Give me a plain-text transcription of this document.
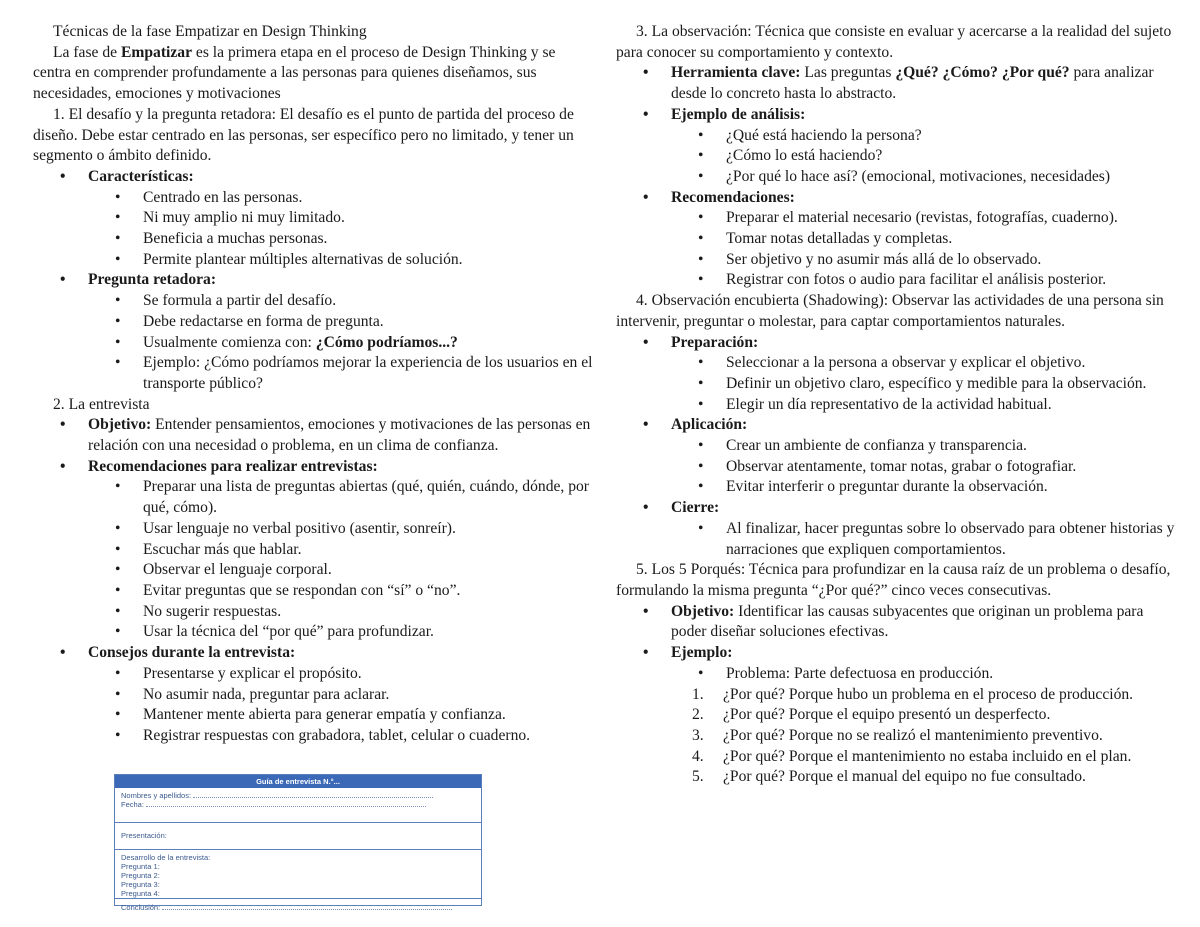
Técnicas de la fase Empatizar en Design Thinking

La fase de Empatizar es la primera etapa en el proceso de Design Thinking y se centra en comprender profundamente a las personas para quienes diseñamos, sus necesidades, emociones y motivaciones

1. El desafío y la pregunta retadora: El desafío es el punto de partida del proceso de diseño. Debe estar centrado en las personas, ser específico pero no limitado, y tener un segmento o ámbito definido.

• Características:
• Centrado en las personas.
• Ni muy amplio ni muy limitado.
• Beneficia a muchas personas.
• Permite plantear múltiples alternativas de solución.
• Pregunta retadora:
• Se formula a partir del desafío.
• Debe redactarse en forma de pregunta.
• Usualmente comienza con: ¿Cómo podríamos...?
• Ejemplo: ¿Cómo podríamos mejorar la experiencia de los usuarios en el transporte público?

2. La entrevista

• Objetivo: Entender pensamientos, emociones y motivaciones de las personas en relación con una necesidad o problema, en un clima de confianza.
• Recomendaciones para realizar entrevistas:
• Preparar una lista de preguntas abiertas (qué, quién, cuándo, dónde, por qué, cómo).
• Usar lenguaje no verbal positivo (asentir, sonreír).
• Escuchar más que hablar.
• Observar el lenguaje corporal.
• Evitar preguntas que se respondan con “sí” o “no”.
• No sugerir respuestas.
• Usar la técnica del “por qué” para profundizar.
• Consejos durante la entrevista:
• Presentarse y explicar el propósito.
• No asumir nada, preguntar para aclarar.
• Mantener mente abierta para generar empatía y confianza.
• Registrar respuestas con grabadora, tablet, celular o cuaderno.
Guía de entrevista N.°...
Nombres y apellidos:
Fecha:
Presentación:
Desarrollo de la entrevista:
Pregunta 1:
Pregunta 2:
Pregunta 3:
Pregunta 4:
Conclusión:

3. La observación: Técnica que consiste en evaluar y acercarse a la realidad del sujeto para conocer su comportamiento y contexto.

• Herramienta clave: Las preguntas ¿Qué? ¿Cómo? ¿Por qué? para analizar desde lo concreto hasta lo abstracto.
• Ejemplo de análisis:
• ¿Qué está haciendo la persona?
• ¿Cómo lo está haciendo?
• ¿Por qué lo hace así? (emocional, motivaciones, necesidades)
• Recomendaciones:
• Preparar el material necesario (revistas, fotografías, cuaderno).
• Tomar notas detalladas y completas.
• Ser objetivo y no asumir más allá de lo observado.
• Registrar con fotos o audio para facilitar el análisis posterior.

4. Observación encubierta (Shadowing): Observar las actividades de una persona sin intervenir, preguntar o molestar, para captar comportamientos naturales.

• Preparación:
• Seleccionar a la persona a observar y explicar el objetivo.
• Definir un objetivo claro, específico y medible para la observación.
• Elegir un día representativo de la actividad habitual.
• Aplicación:
• Crear un ambiente de confianza y transparencia.
• Observar atentamente, tomar notas, grabar o fotografiar.
• Evitar interferir o preguntar durante la observación.
• Cierre:
• Al finalizar, hacer preguntas sobre lo observado para obtener historias y narraciones que expliquen comportamientos.

5. Los 5 Porqués: Técnica para profundizar en la causa raíz de un problema o desafío, formulando la misma pregunta “¿Por qué?” cinco veces consecutivas.

• Objetivo: Identificar las causas subyacentes que originan un problema para poder diseñar soluciones efectivas.
• Ejemplo:
• Problema: Parte defectuosa en producción.
1. ¿Por qué? Porque hubo un problema en el proceso de producción.
2. ¿Por qué? Porque el equipo presentó un desperfecto.
3. ¿Por qué? Porque no se realizó el mantenimiento preventivo.
4. ¿Por qué? Porque el mantenimiento no estaba incluido en el plan.
5. ¿Por qué? Porque el manual del equipo no fue consultado.
